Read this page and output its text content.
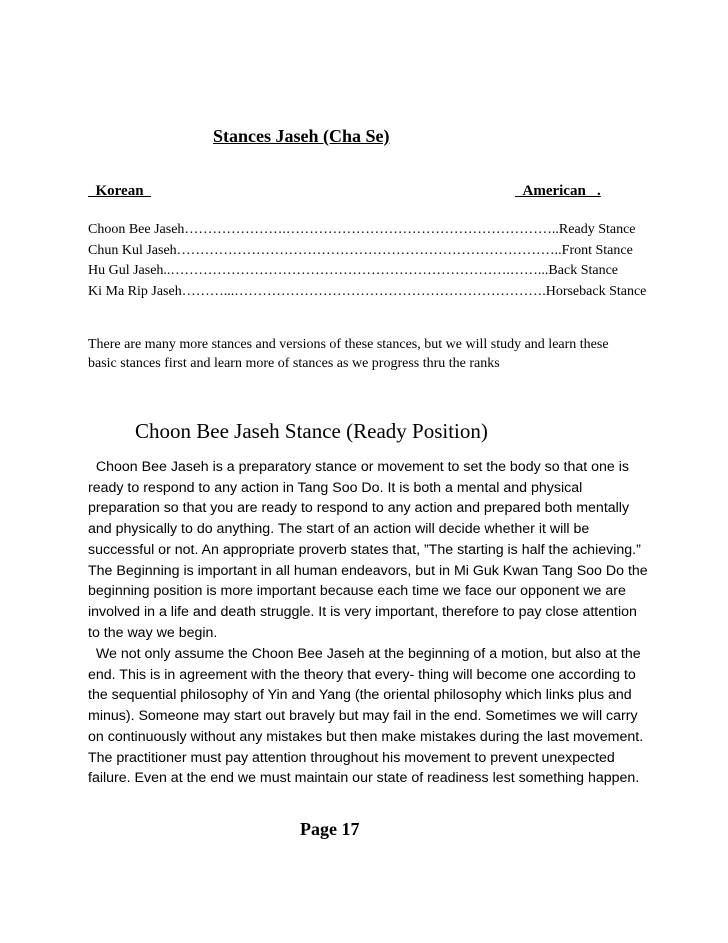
Stances Jaseh (Cha Se)
Korean	American   .
Choon Bee Jaseh………………….…………………………………………………..Ready Stance
Chun Kul Jaseh………………………………………………………………………..Front Stance
Hu Gul Jaseh..……………………………………………………………….……...Back Stance
Ki Ma Rip Jaseh………...………………………………………………………….Horseback Stance
There are many more stances and versions of these stances, but we will study and learn these basic stances first and learn more of stances as we progress thru the ranks
Choon Bee Jaseh Stance (Ready Position)
Choon Bee Jaseh is a preparatory stance or movement to set the body so that one is ready to respond to any action in Tang Soo Do. It is both a mental and physical preparation so that you are ready to respond to any action and prepared both mentally and physically to do anything. The start of an action will decide whether it will be successful or not. An appropriate proverb states that, ”The starting is half the achieving.” The Beginning is important in all human endeavors, but in Mi Guk Kwan Tang Soo Do the beginning position is more important because each time we face our opponent we are involved in a life and death struggle. It is very important, therefore to pay close attention to the way we begin.
We not only assume the Choon Bee Jaseh at the beginning of a motion, but also at the end. This is in agreement with the theory that every- thing will become one according to the sequential philosophy of Yin and Yang (the oriental philosophy which links plus and minus). Someone may start out bravely but may fail in the end. Sometimes we will carry on continuously without any mistakes but then make mistakes during the last movement. The practitioner must pay attention throughout his movement to prevent unexpected failure. Even at the end we must maintain our state of readiness lest something happen.
Page 17
